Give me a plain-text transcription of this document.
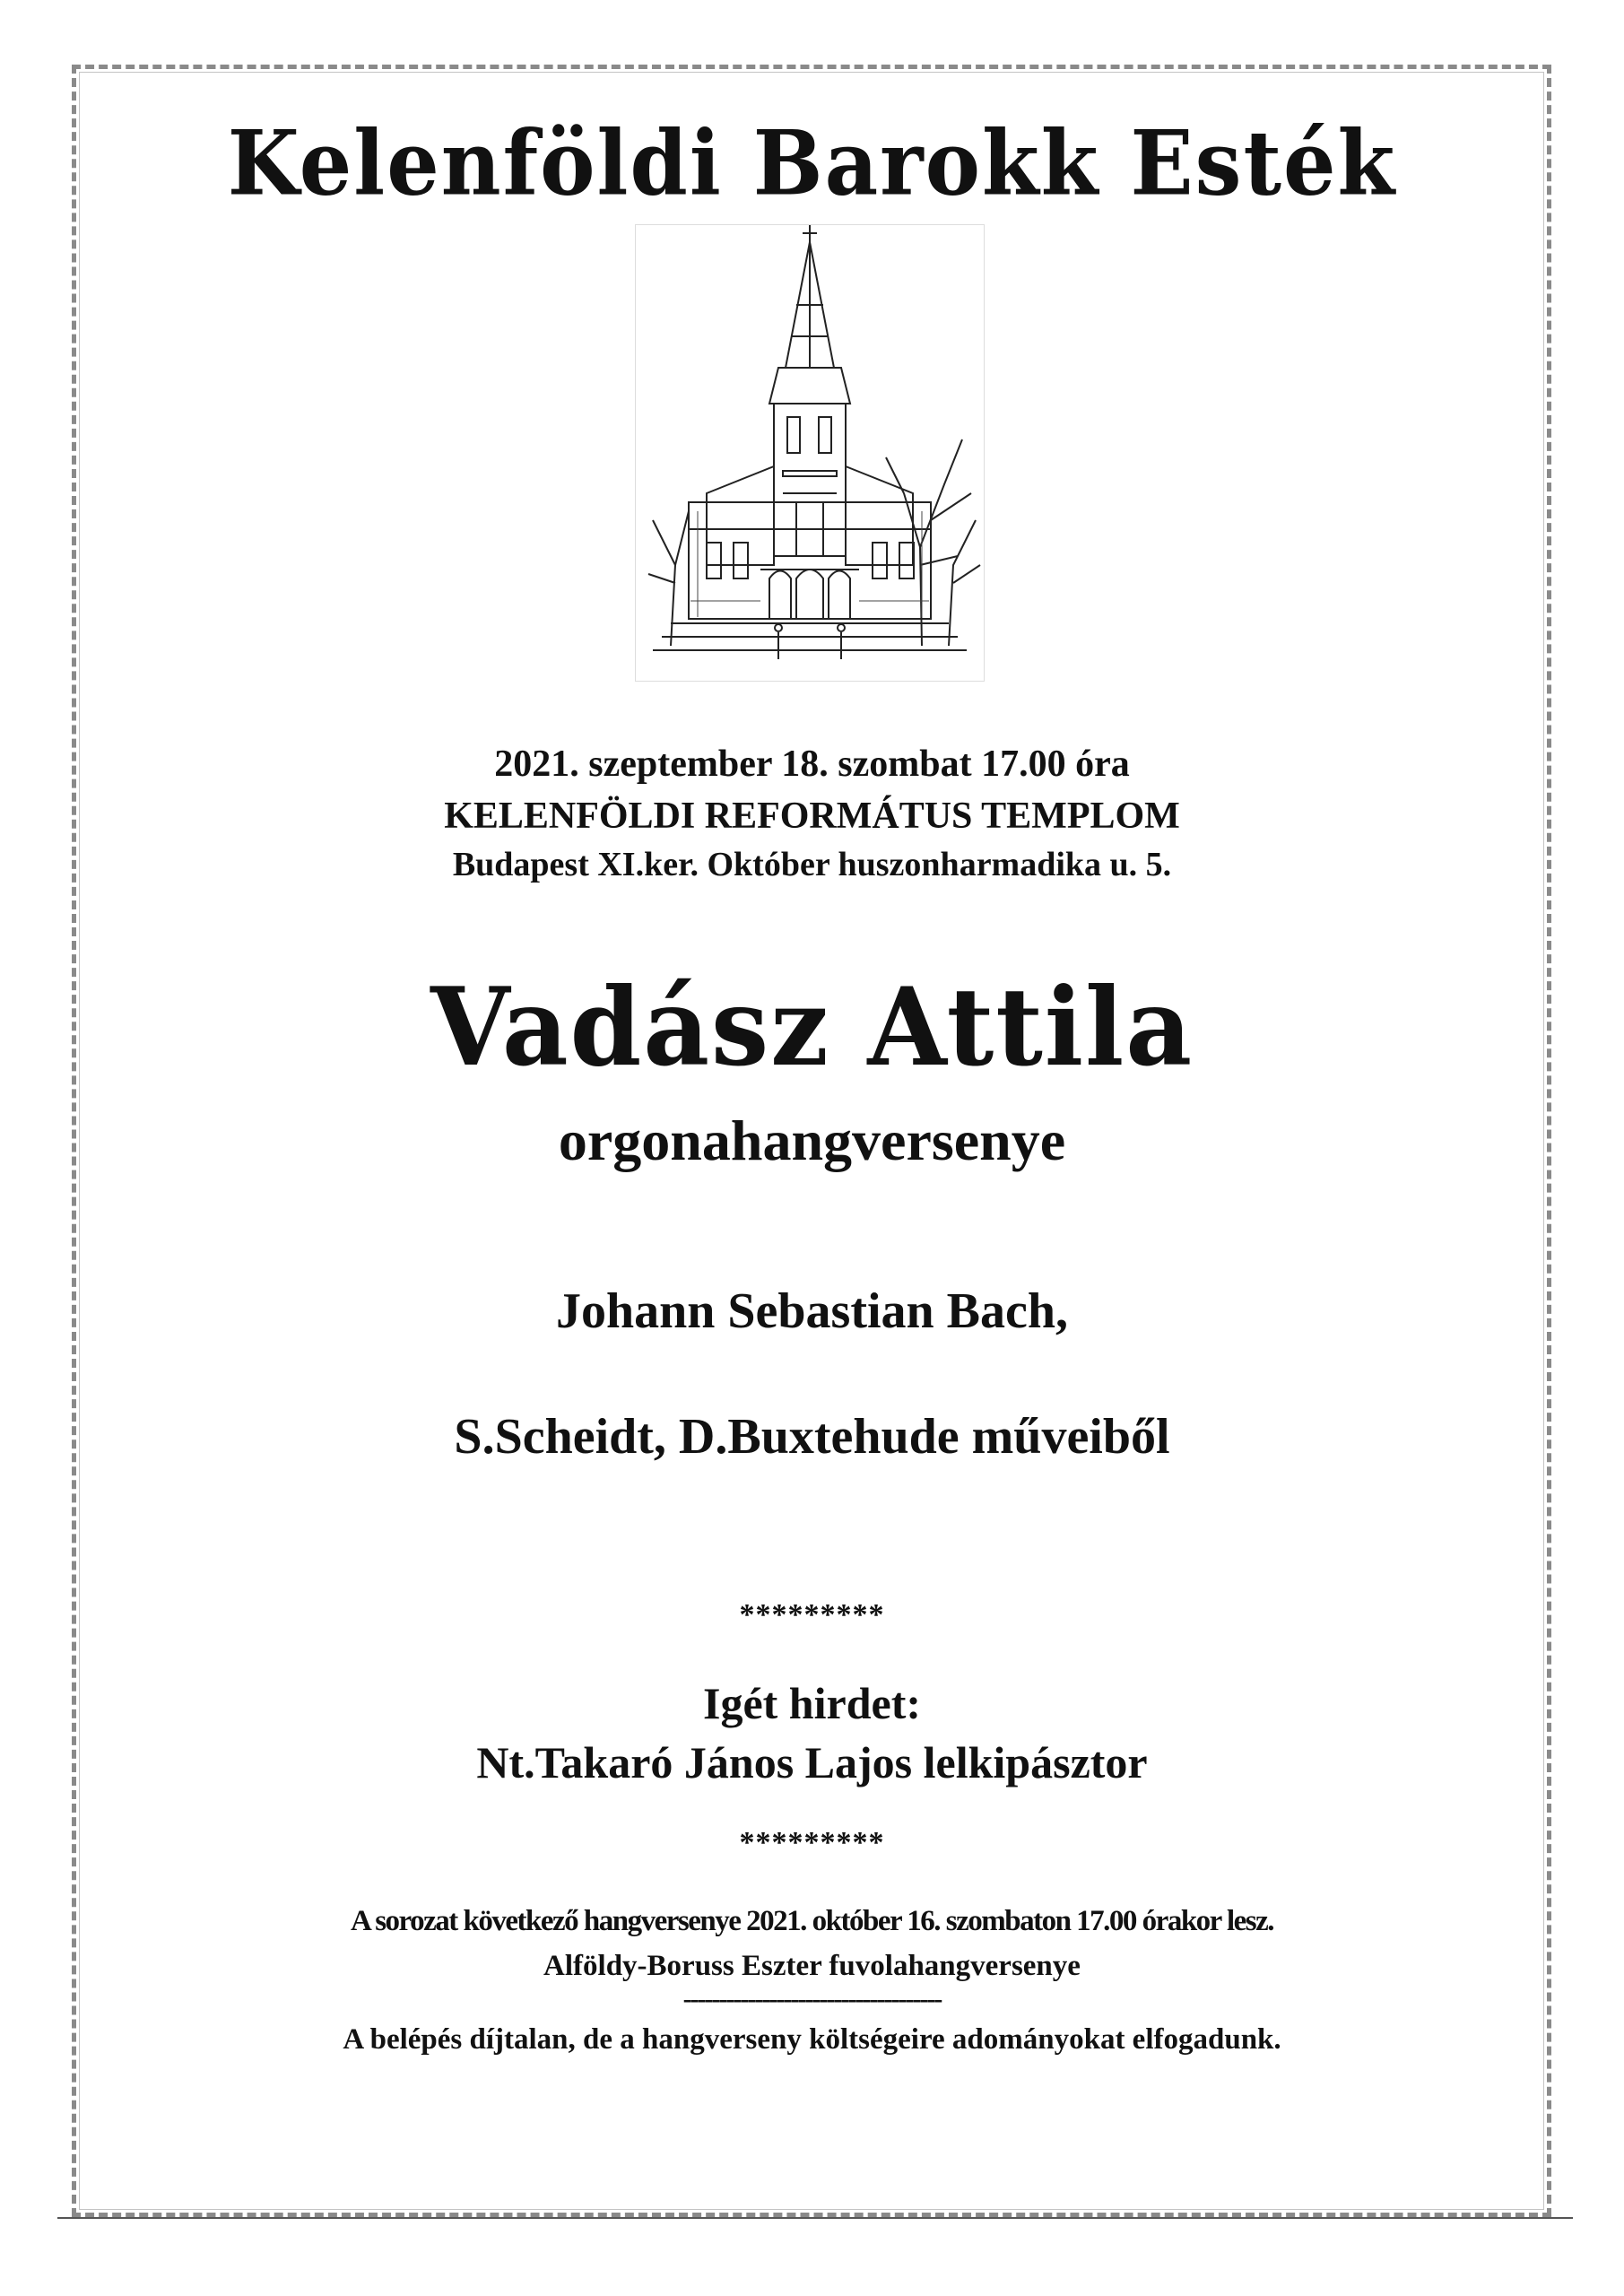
Kelenföldi Barokk Esték
2021. szeptember 18. szombat 17.00 óra
KELENFÖLDI REFORMÁTUS TEMPLOM
Budapest XI.ker. Október huszonharmadika u. 5.
Vadász Attila
orgonahangversenye
Johann Sebastian Bach,
S.Scheidt, D.Buxtehude műveiből
*********
Igét hirdet:
Nt.Takaró János Lajos lelkipásztor
*********
A sorozat következő hangversenye 2021. október 16. szombaton 17.00 órakor lesz.
Alföldy-Boruss Eszter fuvolahangversenye
------------------------------------
A belépés díjtalan, de a hangverseny költségeire adományokat elfogadunk.
